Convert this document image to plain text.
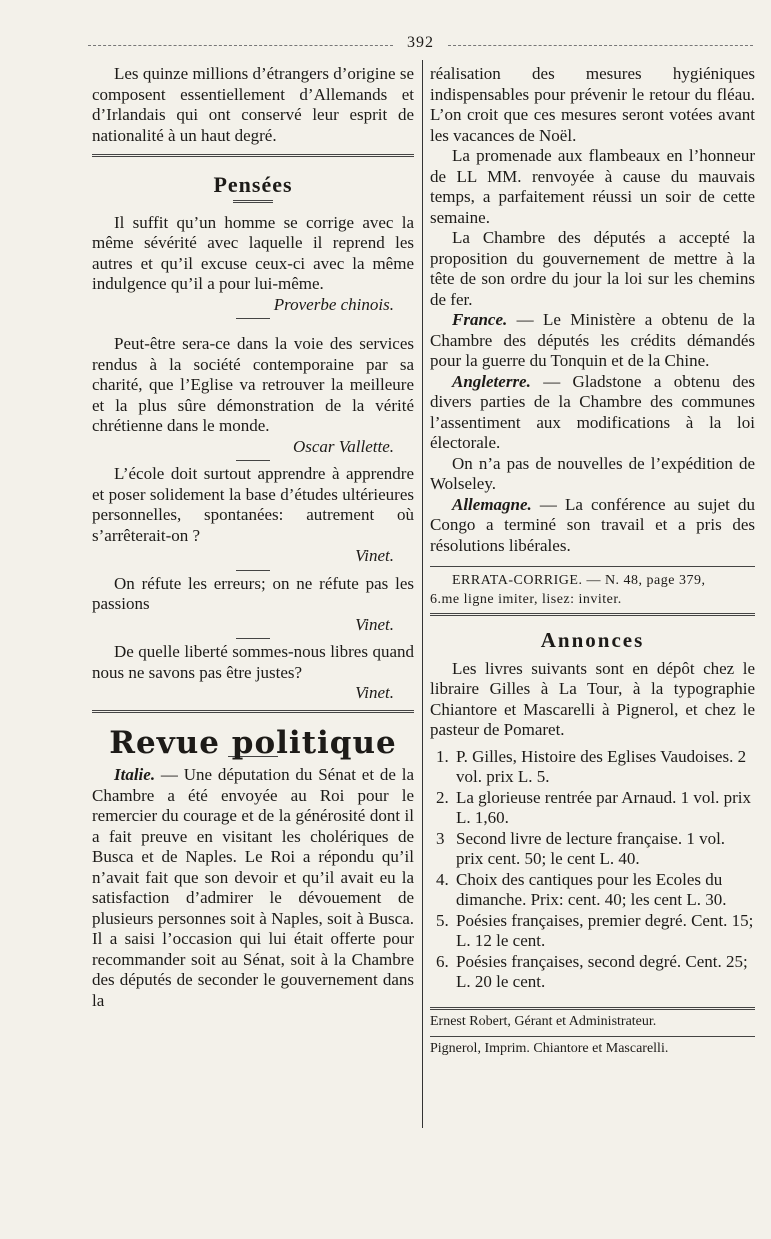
392

Les quinze millions d’étrangers d’origine se composent essentiellement d’Allemands et d’Irlandais qui ont conservé leur esprit de nationalité à un haut degré.

Pensées

Il suffit qu’un homme se corrige avec la même sévérité avec laquelle il reprend les autres et qu’il excuse ceux-ci avec la même indulgence qu’il a pour lui-même.

Proverbe chinois.

Peut-être sera-ce dans la voie des services rendus à la société contemporaine par sa charité, que l’Eglise va retrouver la meilleure et la plus sûre démonstration de la vérité chrétienne dans le monde.

Oscar Vallette.

L’école doit surtout apprendre à apprendre et poser solidement la base d’études ultérieures personnelles, spontanées: autrement où s’arrêterait-on ?

Vinet.

On réfute les erreurs; on ne réfute pas les passions

Vinet.

De quelle liberté sommes-nous libres quand nous ne savons pas être justes?

Vinet.

Revue politique

Italie. — Une députation du Sénat et de la Chambre a été envoyée au Roi pour le remercier du courage et de la générosité dont il a fait preuve en visitant les cholériques de Busca et de Naples. Le Roi a répondu qu’il n’avait fait que son devoir et qu’il avait eu la satisfaction d’admirer le dévouement de plusieurs personnes soit à Naples, soit à Busca. Il a saisi l’occasion qui lui était offerte pour recommander soit au Sénat, soit à la Chambre des députés de seconder le gouvernement dans la

réalisation des mesures hygiéniques indispensables pour prévenir le retour du fléau. L’on croit que ces mesures seront votées avant les vacances de Noël.

La promenade aux flambeaux en l’honneur de LL MM. renvoyée à cause du mauvais temps, a parfaitement réussi un soir de cette semaine.

La Chambre des députés a accepté la proposition du gouvernement de mettre à la tête de son ordre du jour la loi sur les chemins de fer.

France. — Le Ministère a obtenu de la Chambre des députés les crédits démandés pour la guerre du Tonquin et de la Chine.

Angleterre. — Gladstone a obtenu des divers parties de la Chambre des communes l’assentiment aux modifications à la loi électorale.

On n’a pas de nouvelles de l’expédition de Wolseley.

Allemagne. — La conférence au sujet du Congo a terminé son travail et a pris des résolutions libérales.

ERRATA-CORRIGE. — N. 48, page 379,

6.me ligne imiter, lisez: inviter.

Annonces

Les livres suivants sont en dépôt chez le libraire Gilles à La Tour, à la typographie Chiantore et Mascarelli à Pignerol, et chez le pasteur de Pomaret.

1. P. Gilles, Histoire des Eglises Vaudoises. 2 vol. prix L. 5.
2. La glorieuse rentrée par Arnaud. 1 vol. prix L. 1,60.
3 Second livre de lecture française. 1 vol. prix cent. 50; le cent L. 40.
4. Choix des cantiques pour les Ecoles du dimanche. Prix: cent. 40; les cent L. 30.
5. Poésies françaises, premier degré. Cent. 15; L. 12 le cent.
6. Poésies françaises, second degré. Cent. 25; L. 20 le cent.

Ernest Robert, Gérant et Administrateur.

Pignerol, Imprim. Chiantore et Mascarelli.
